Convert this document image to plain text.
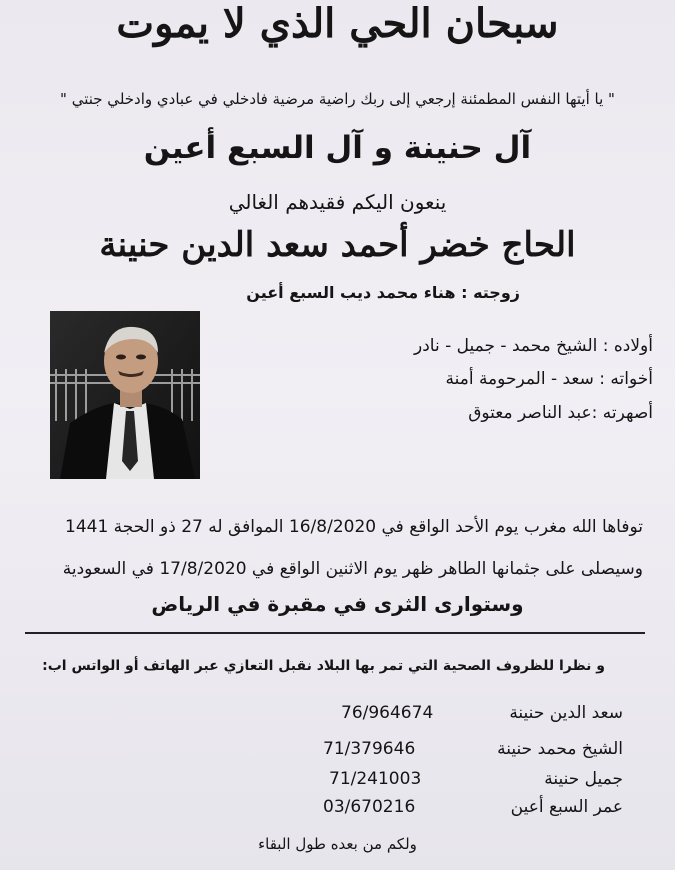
سبحان الحي الذي لا يموت
" يا أيتها النفس المطمئنة إرجعي إلى ربك راضية مرضية فادخلي في عبادي وادخلي جنتي "
آل حنينة و آل السبع أعين
ينعون اليكم فقيدهم الغالي
الحاج خضر أحمد سعد الدين حنينة
زوجته : هناء محمد ديب السبع أعين
أولاده : الشيخ محمد - جميل - نادر
أخواته : سعد - المرحومة أمنة
أصهرته :عبد الناصر معتوق
توفاها الله مغرب يوم الأحد الواقع في 16/8/2020 الموافق له 27 ذو الحجة 1441
وسيصلى على جثمانها الطاهر ظهر يوم الاثنين الواقع في 17/8/2020 في السعودية
وستوارى الثرى في مقبرة في الرياض
و نظرا للظروف الصحية التي تمر بها البلاد نقبل التعازي عبر الهاتف أو الواتس اب:
سعد الدين حنينة
76/964674
الشيخ محمد حنينة
71/379646
جميل حنينة
71/241003
عمر السبع أعين
03/670216
ولكم من بعده طول البقاء
